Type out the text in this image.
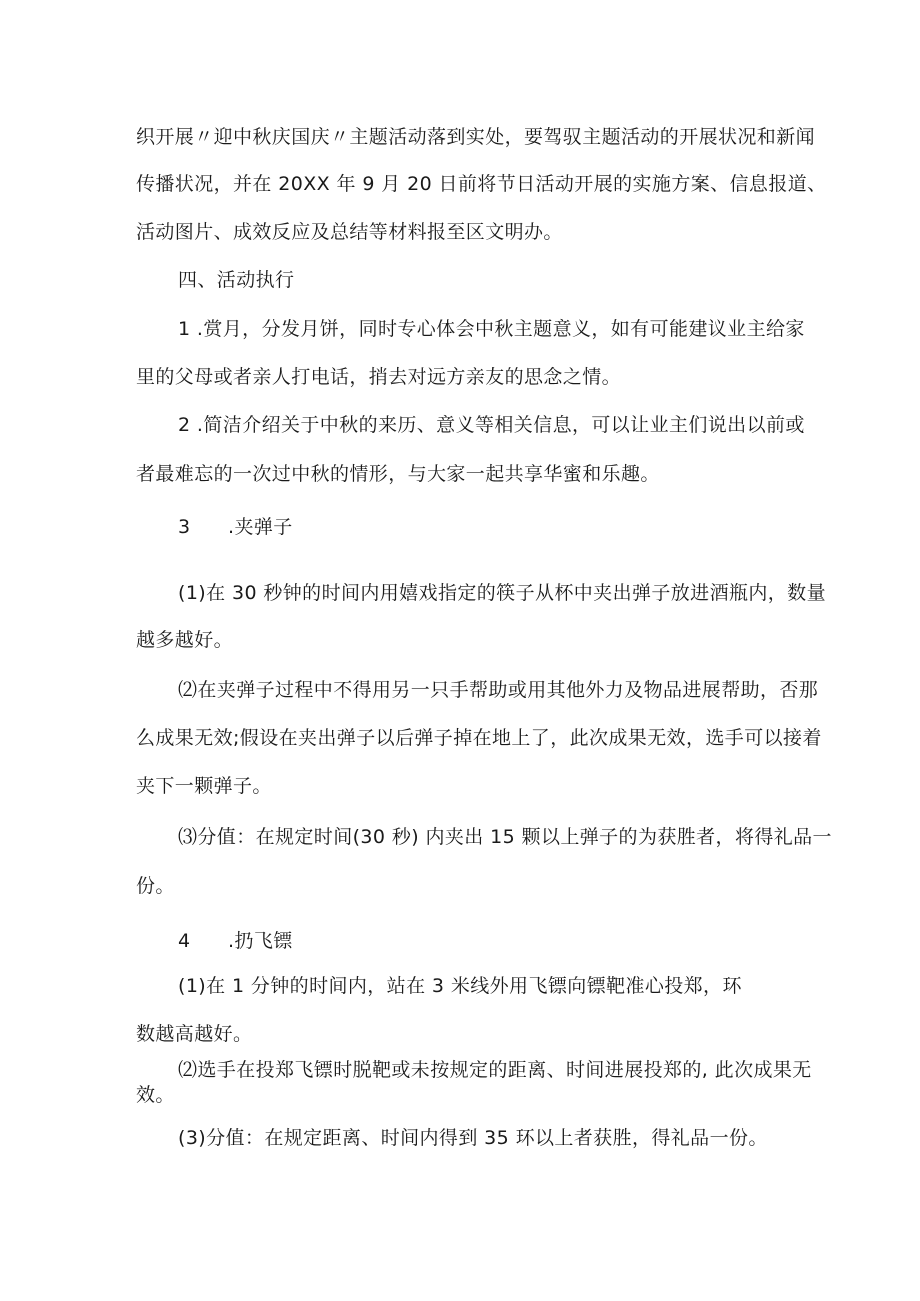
织开展〃迎中秋庆国庆〃主题活动落到实处，要驾驭主题活动的开展状况和新闻
传播状况，并在 20XX 年 9 月 20 日前将节日活动开展的实施方案、信息报道、
活动图片、成效反应及总结等材料报至区文明办。
四、活动执行
1 .赏月，分发月饼，同时专心体会中秋主题意义，如有可能建议业主给家
里的父母或者亲人打电话，捎去对远方亲友的思念之情。
2 .简洁介绍关于中秋的来历、意义等相关信息，可以让业主们说出以前或
者最难忘的一次过中秋的情形，与大家一起共享华蜜和乐趣。
3 .夹弹子
(1)在 30 秒钟的时间内用嬉戏指定的筷子从杯中夹出弹子放进酒瓶内，数量
越多越好。
⑵在夹弹子过程中不得用另一只手帮助或用其他外力及物品进展帮助，否那
么成果无效;假设在夹出弹子以后弹子掉在地上了，此次成果无效，选手可以接着
夹下一颗弹子。
⑶分值：在规定时间(30 秒) 内夹出 15 颗以上弹子的为获胜者，将得礼品一
份。
4 .扔飞镖
(1)在 1 分钟的时间内，站在 3 米线外用飞镖向镖靶准心投郑，环
数越高越好。
⑵选手在投郑飞镖时脱靶或未按规定的距离、时间进展投郑的, 此次成果无
效。
(3)分值：在规定距离、时间内得到 35 环以上者获胜，得礼品一份。
